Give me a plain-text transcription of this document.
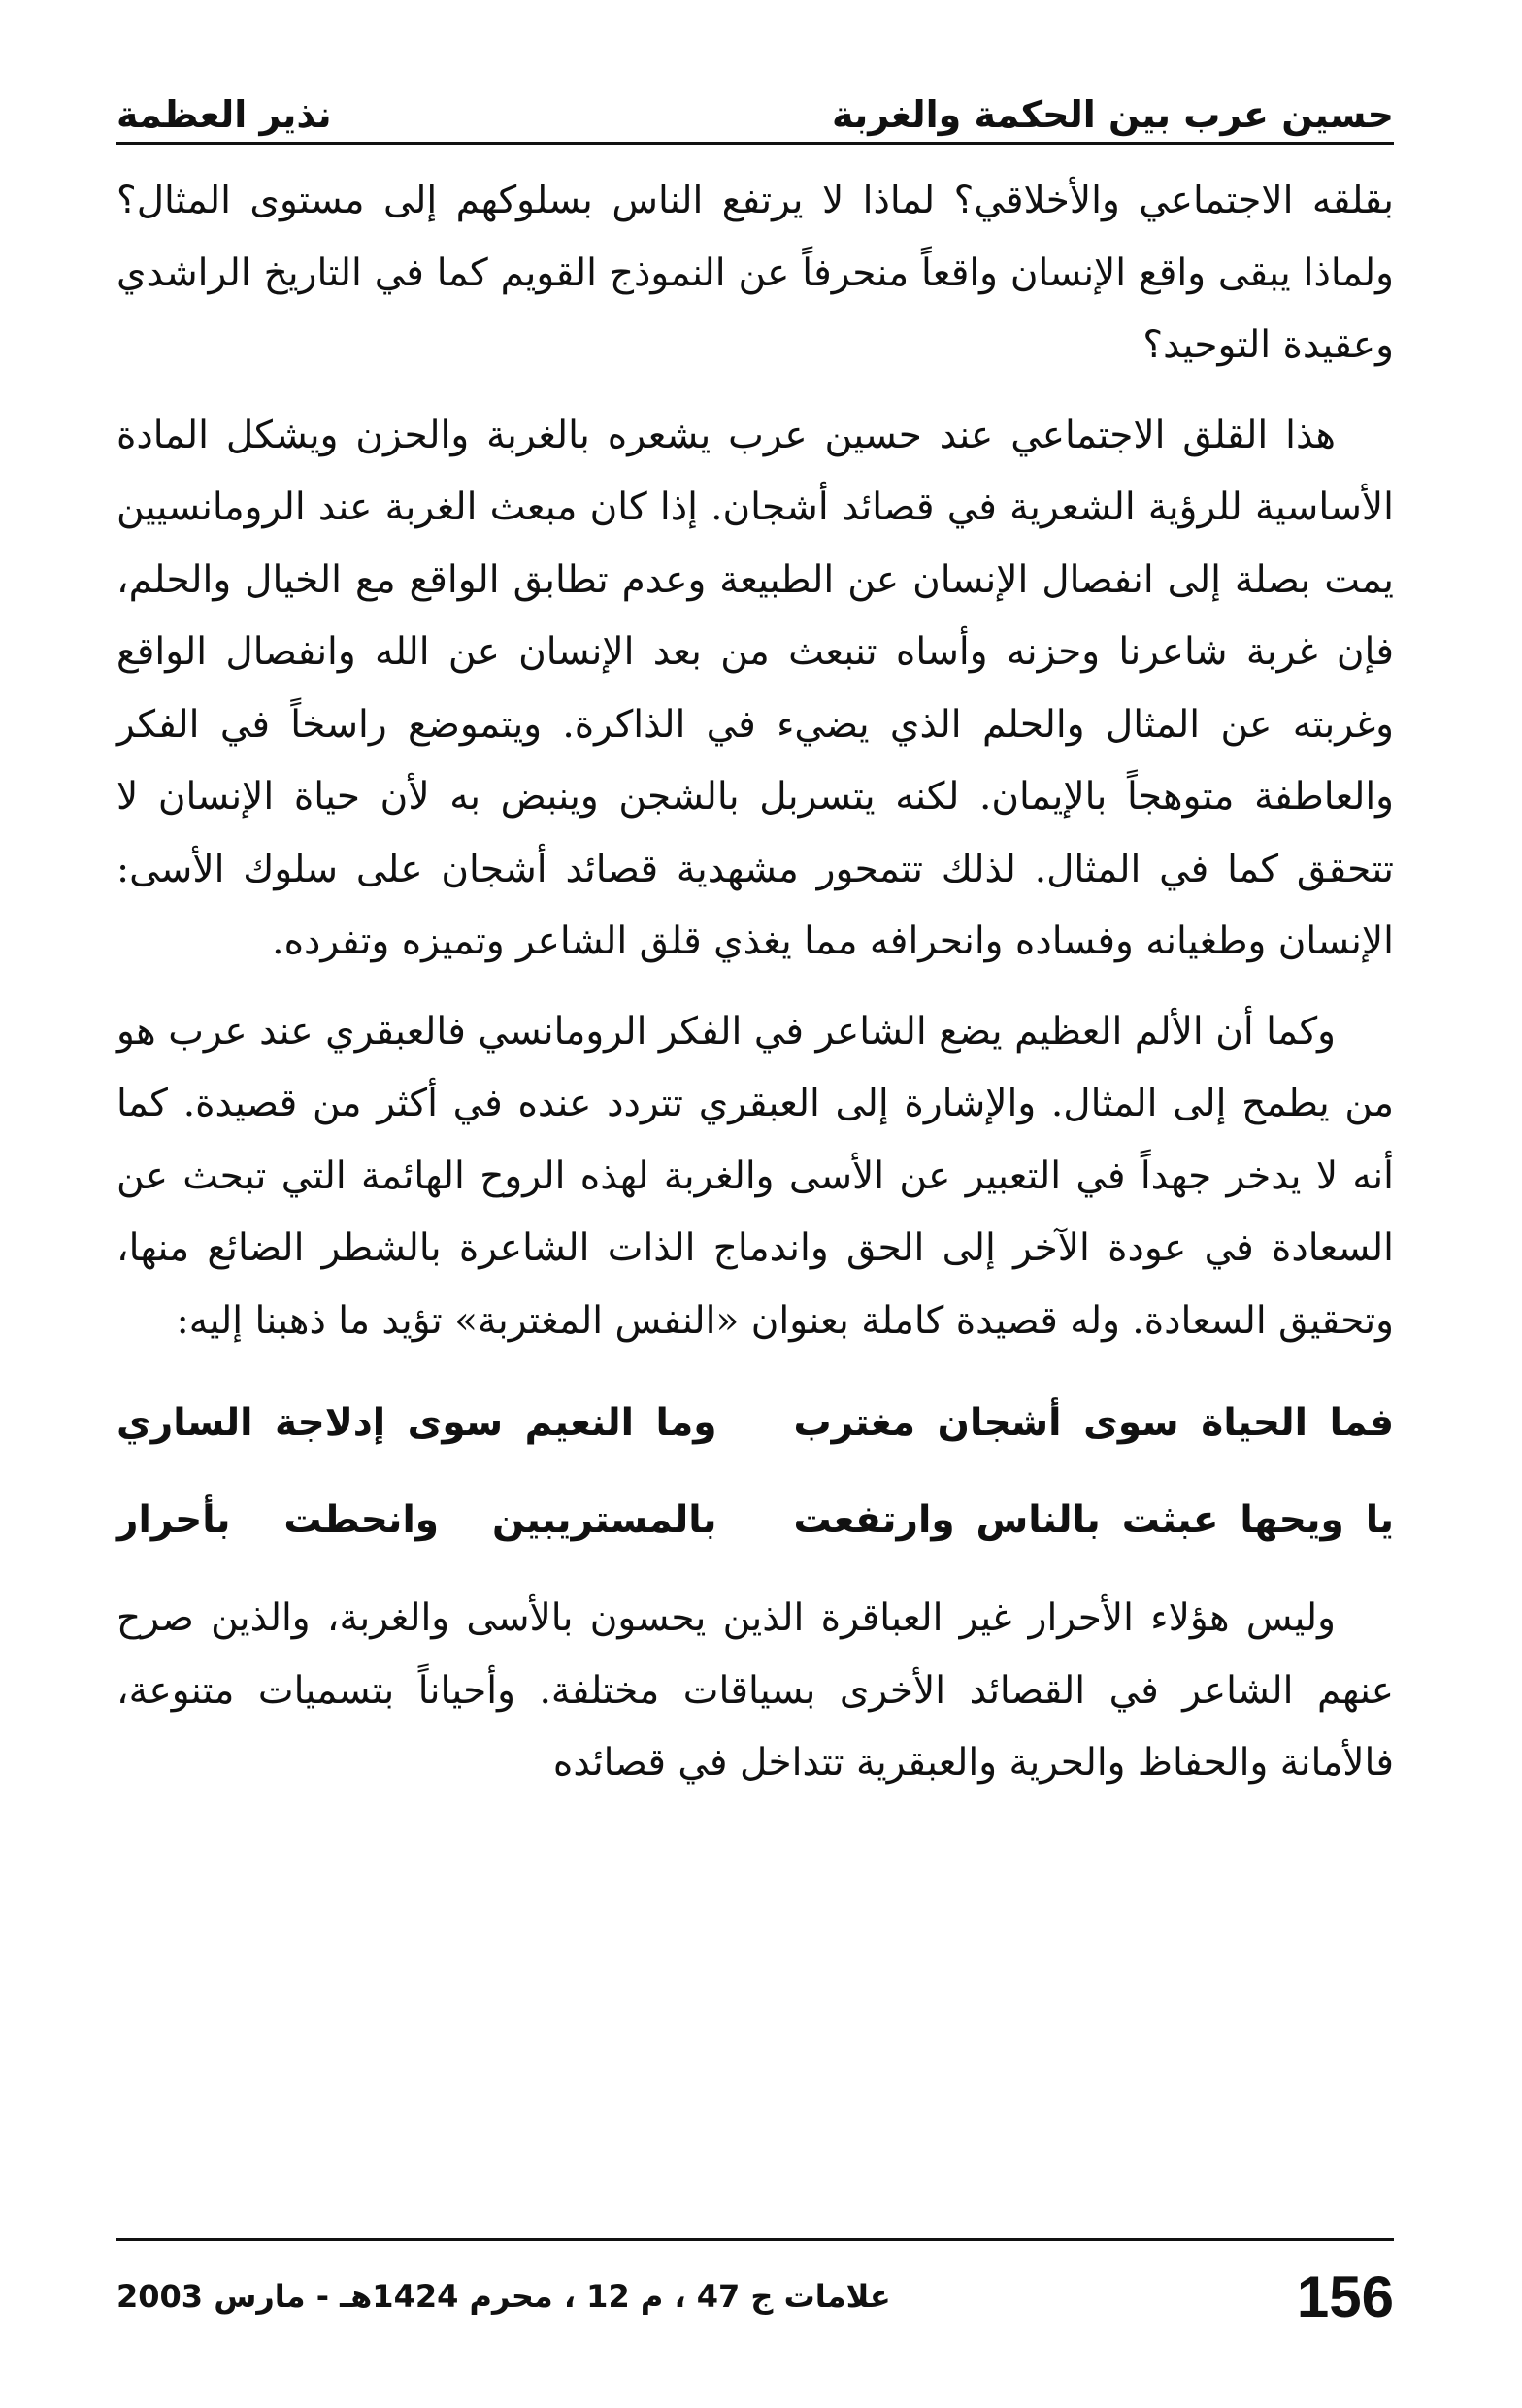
حسين عرب بين الحكمة والغربة
نذير العظمة

بقلقه الاجتماعي والأخلاقي؟ لماذا لا يرتفع الناس بسلوكهم إلى مستوى المثال؟ ولماذا يبقى واقع الإنسان واقعاً منحرفاً عن النموذج القويم كما في التاريخ الراشدي وعقيدة التوحيد؟

هذا القلق الاجتماعي عند حسين عرب يشعره بالغربة والحزن ويشكل المادة الأساسية للرؤية الشعرية في قصائد أشجان. إذا كان مبعث الغربة عند الرومانسيين يمت بصلة إلى انفصال الإنسان عن الطبيعة وعدم تطابق الواقع مع الخيال والحلم، فإن غربة شاعرنا وحزنه وأساه تنبعث من بعد الإنسان عن الله وانفصال الواقع وغربته عن المثال والحلم الذي يضيء في الذاكرة. ويتموضع راسخاً في الفكر والعاطفة متوهجاً بالإيمان. لكنه يتسربل بالشجن وينبض به لأن حياة الإنسان لا تتحقق كما في المثال. لذلك تتمحور مشهدية قصائد أشجان على سلوك الأسى: الإنسان وطغيانه وفساده وانحرافه مما يغذي قلق الشاعر وتميزه وتفرده.

وكما أن الألم العظيم يضع الشاعر في الفكر الرومانسي فالعبقري عند عرب هو من يطمح إلى المثال. والإشارة إلى العبقري تتردد عنده في أكثر من قصيدة. كما أنه لا يدخر جهداً في التعبير عن الأسى والغربة لهذه الروح الهائمة التي تبحث عن السعادة في عودة الآخر إلى الحق واندماج الذات الشاعرة بالشطر الضائع منها، وتحقيق السعادة. وله قصيدة كاملة بعنوان «النفس المغتربة» تؤيد ما ذهبنا إليه:

فما الحياة سوى أشجان مغترب
وما النعيم سوى إدلاجة الساري
يا ويحها عبثت بالناس وارتفعت
بالمستريبين وانحطت بأحرار

وليس هؤلاء الأحرار غير العباقرة الذين يحسون بالأسى والغربة، والذين صرح عنهم الشاعر في القصائد الأخرى بسياقات مختلفة. وأحياناً بتسميات متنوعة، فالأمانة والحفاظ والحرية والعبقرية تتداخل في قصائده

علامات ج 47 ، م 12 ، محرم 1424هـ - مارس 2003	156
